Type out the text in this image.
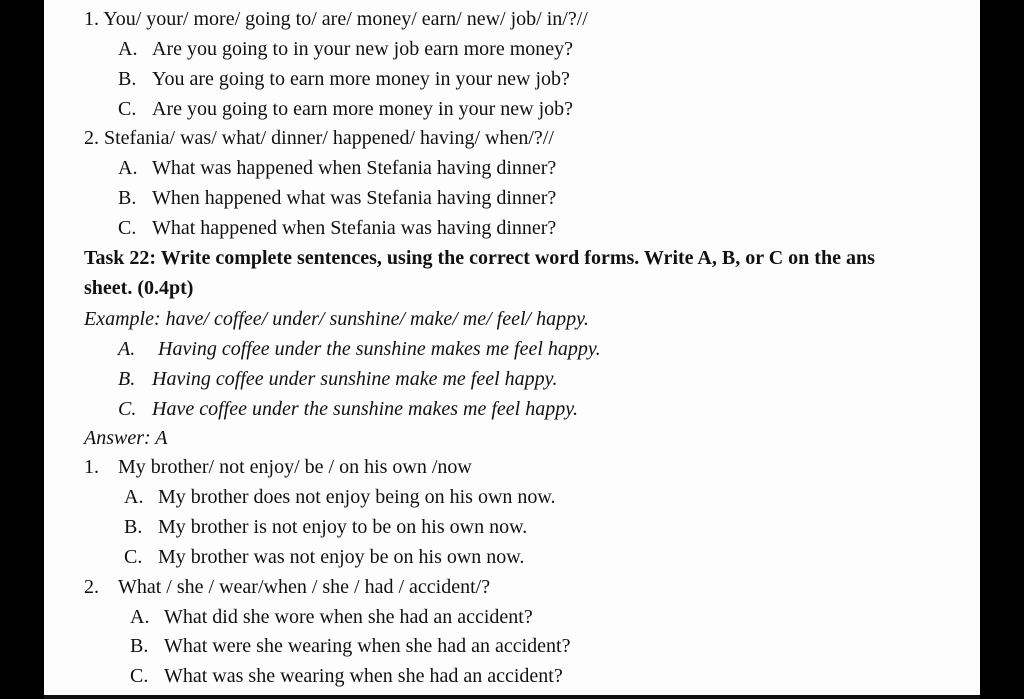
1. You/ your/ more/ going to/ are/ money/ earn/ new/ job/ in/?//
A. Are you going to in your new job earn more money?
B. You are going to earn more money in your new job?
C. Are you going to earn more money in your new job?
2. Stefania/ was/ what/ dinner/ happened/ having/ when/?//
A. What was happened when Stefania having dinner?
B. When happened what was Stefania having dinner?
C. What happened when Stefania was having dinner?
Task 22: Write complete sentences, using the correct word forms. Write A, B, or C on the ans
sheet. (0.4pt)
Example: have/ coffee/ under/ sunshine/ make/ me/ feel/ happy.
A. Having coffee under the sunshine makes me feel happy.
B. Having coffee under sunshine make me feel happy.
C. Have coffee under the sunshine makes me feel happy.
Answer: A
1. My brother/ not enjoy/ be / on his own /now
A. My brother does not enjoy being on his own now.
B. My brother is not enjoy to be on his own now.
C. My brother was not enjoy be on his own now.
2. What / she / wear/when / she / had / accident/?
A. What did she wore when she had an accident?
B. What were she wearing when she had an accident?
C. What was she wearing when she had an accident?
